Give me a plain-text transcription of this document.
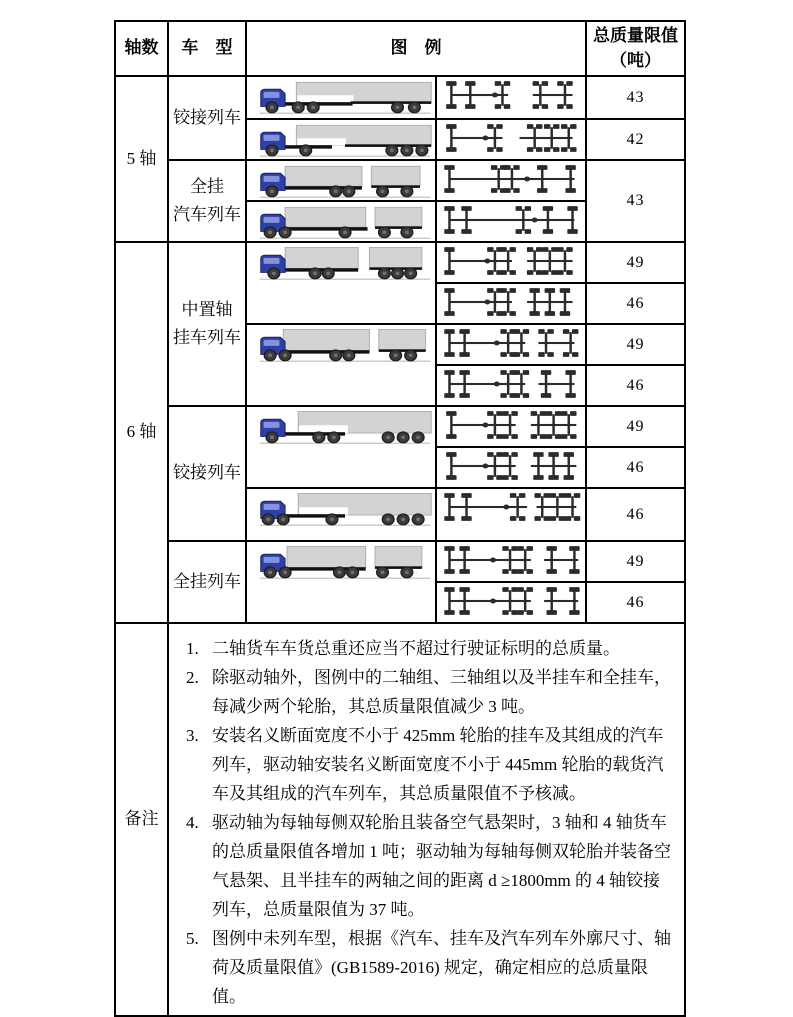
轴数	车　型	图　例		总质量限值
（吨）

5 轴	铰接列车			43

	42

	全挂
汽车列车			43

6 轴	中置轴
挂车列车			49

	46

	49

	46
	铰接列车			49

	46

	46
	全挂列车			49

	46
备注	
1. 二轴货车车货总重还应当不超过行驶证标明的总质量。
2. 除驱动轴外，图例中的二轴组、三轴组以及半挂车和全挂车，每减少两个轮胎，其总质量限值减少 3 吨。
3. 安装名义断面宽度不小于 425mm 轮胎的挂车及其组成的汽车列车，驱动轴安装名义断面宽度不小于 445mm 轮胎的载货汽车及其组成的汽车列车，其总质量限值不予核减。
4. 驱动轴为每轴每侧双轮胎且装备空气悬架时，3 轴和 4 轴货车的总质量限值各增加 1 吨；驱动轴为每轴每侧双轮胎并装备空气悬架、且半挂车的两轴之间的距离 d ≥1800mm 的 4 轴铰接列车，总质量限值为 37 吨。
5. 图例中未列车型，根据《汽车、挂车及汽车列车外廓尺寸、轴荷及质量限值》(GB1589-2016) 规定，确定相应的总质量限值。
